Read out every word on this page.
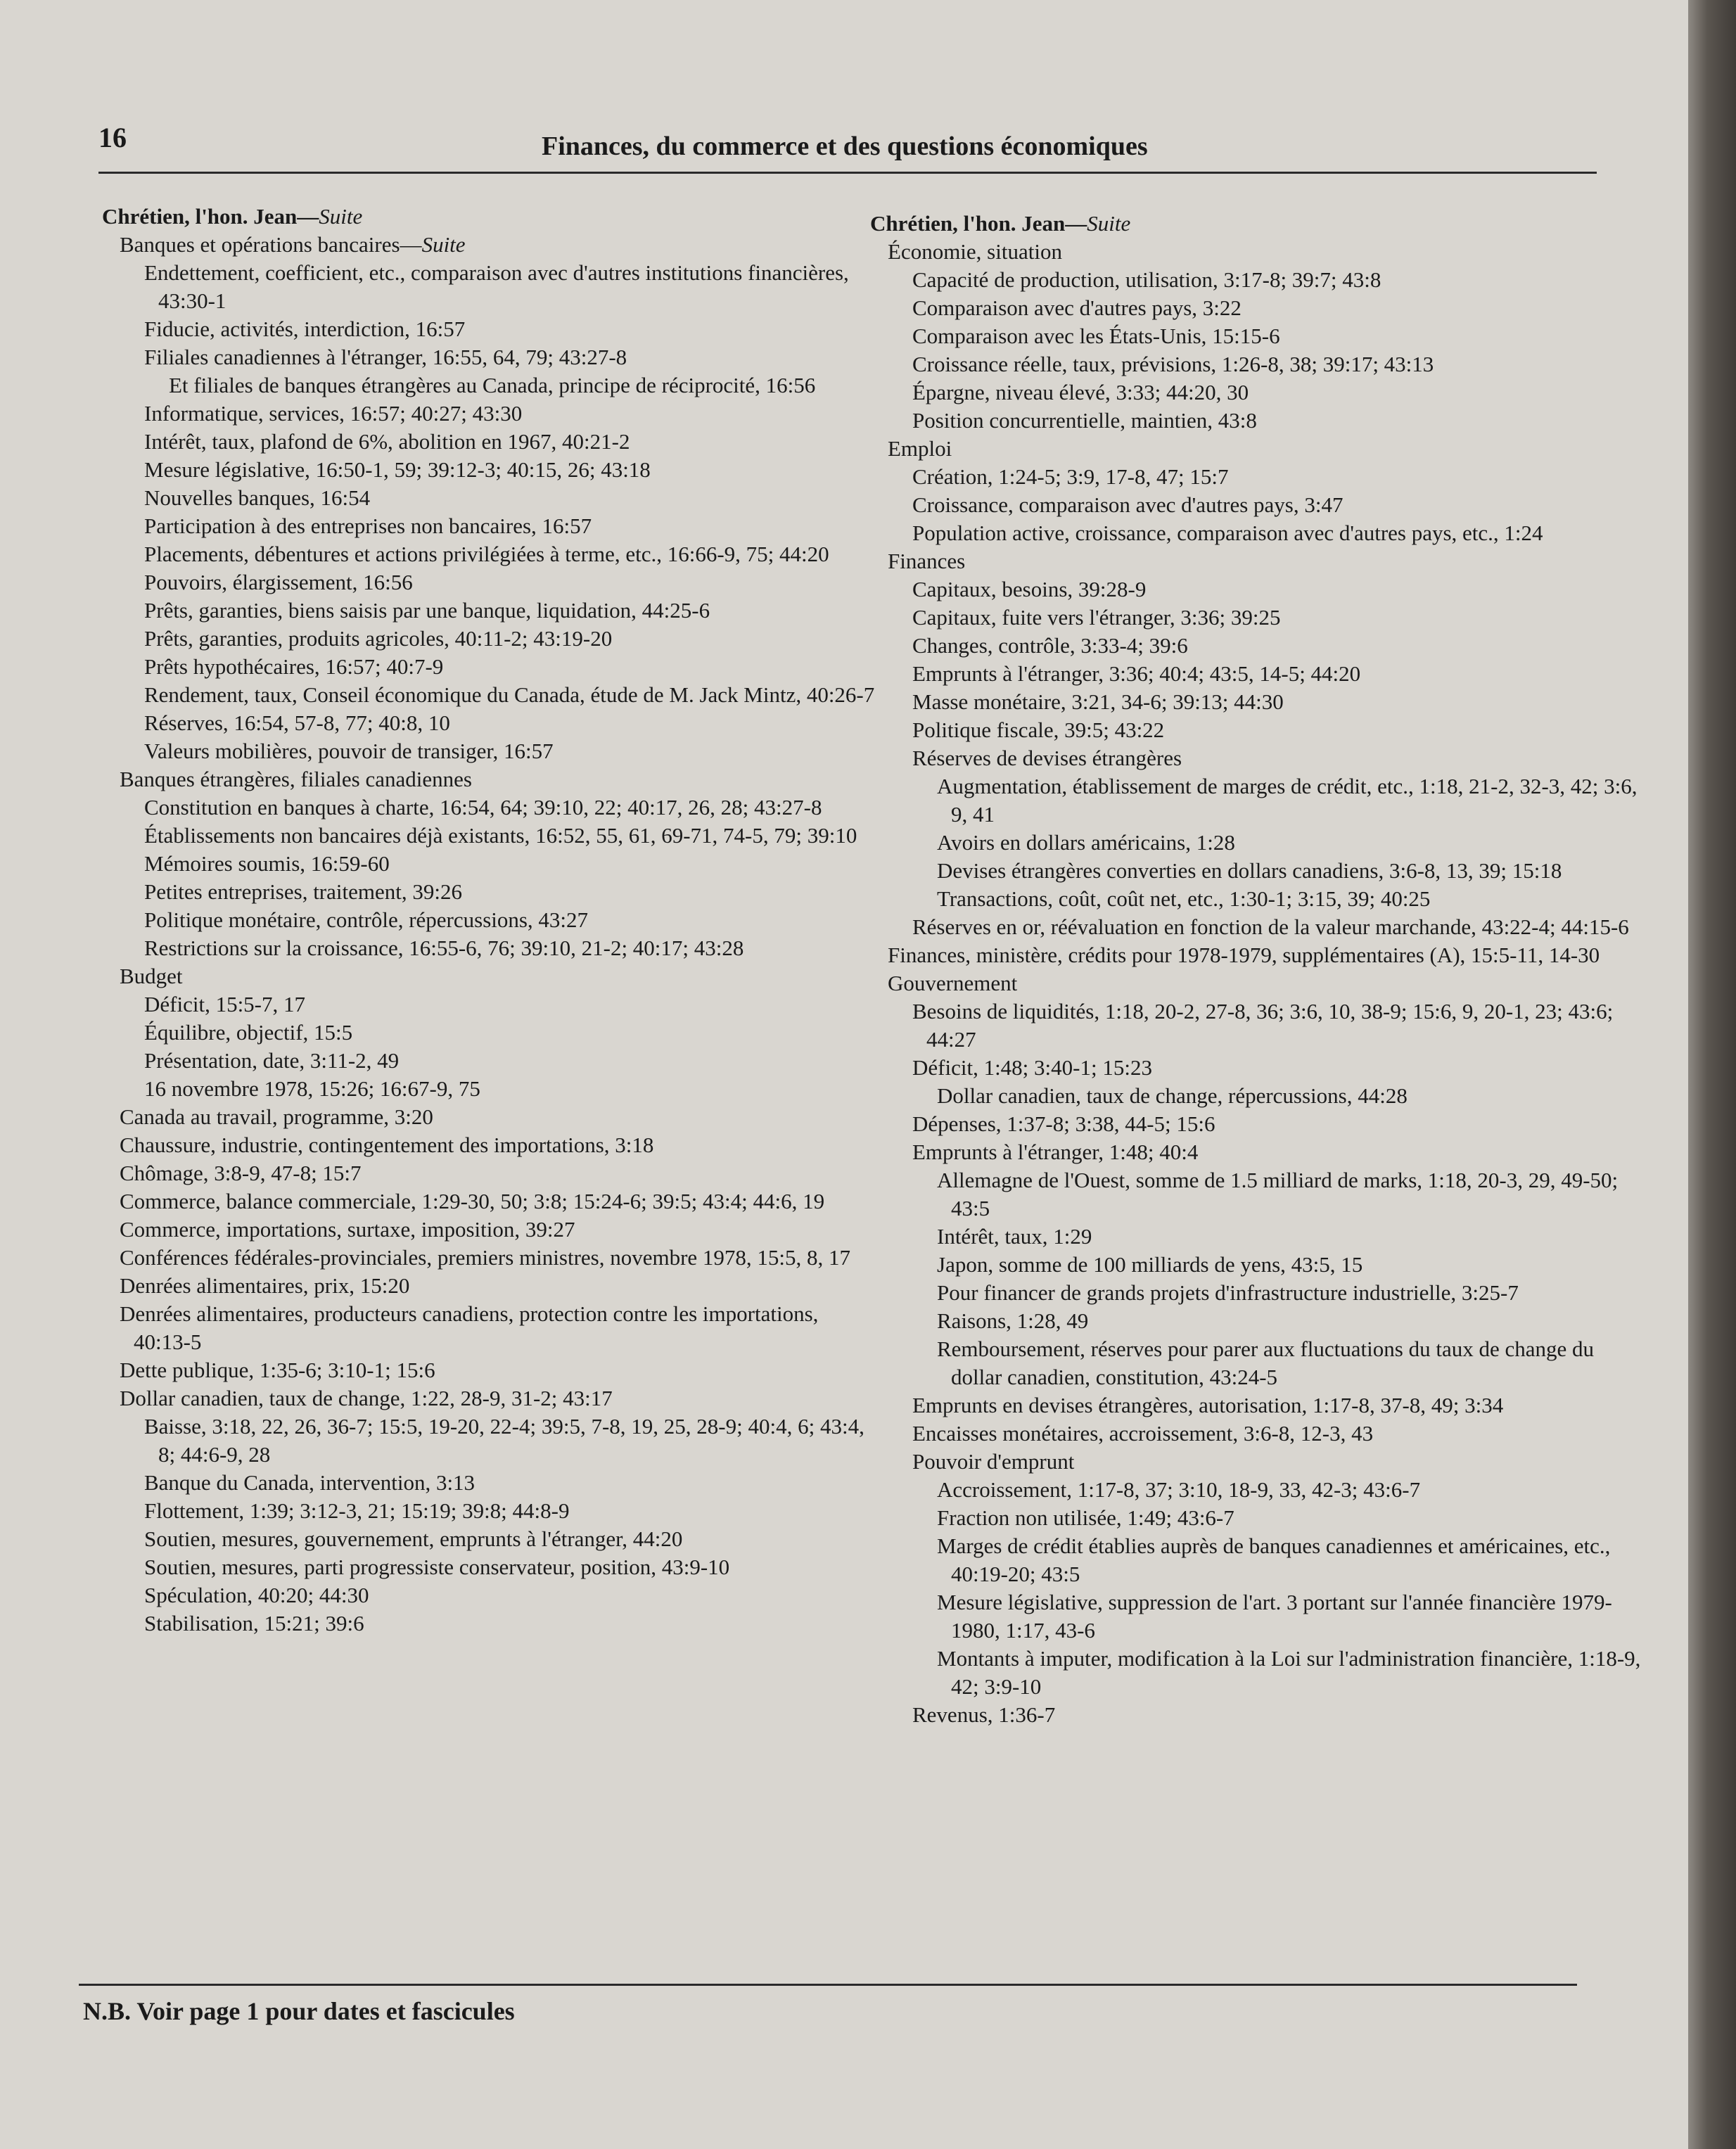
16	Finances, du commerce et des questions économiques

Chrétien, l'hon. Jean—Suite

Banques et opérations bancaires—Suite

Endettement, coefficient, etc., comparaison avec d'autres institutions financières, 43:30-1

Fiducie, activités, interdiction, 16:57

Filiales canadiennes à l'étranger, 16:55, 64, 79; 43:27-8

Et filiales de banques étrangères au Canada, principe de réciprocité, 16:56

Informatique, services, 16:57; 40:27; 43:30

Intérêt, taux, plafond de 6%, abolition en 1967, 40:21-2

Mesure législative, 16:50-1, 59; 39:12-3; 40:15, 26; 43:18

Nouvelles banques, 16:54

Participation à des entreprises non bancaires, 16:57

Placements, débentures et actions privilégiées à terme, etc., 16:66-9, 75; 44:20

Pouvoirs, élargissement, 16:56

Prêts, garanties, biens saisis par une banque, liquidation, 44:25-6

Prêts, garanties, produits agricoles, 40:11-2; 43:19-20

Prêts hypothécaires, 16:57; 40:7-9

Rendement, taux, Conseil économique du Canada, étude de M. Jack Mintz, 40:26-7

Réserves, 16:54, 57-8, 77; 40:8, 10

Valeurs mobilières, pouvoir de transiger, 16:57

Banques étrangères, filiales canadiennes

Constitution en banques à charte, 16:54, 64; 39:10, 22; 40:17, 26, 28; 43:27-8

Établissements non bancaires déjà existants, 16:52, 55, 61, 69-71, 74-5, 79; 39:10

Mémoires soumis, 16:59-60

Petites entreprises, traitement, 39:26

Politique monétaire, contrôle, répercussions, 43:27

Restrictions sur la croissance, 16:55-6, 76; 39:10, 21-2; 40:17; 43:28

Budget

Déficit, 15:5-7, 17

Équilibre, objectif, 15:5

Présentation, date, 3:11-2, 49

16 novembre 1978, 15:26; 16:67-9, 75

Canada au travail, programme, 3:20

Chaussure, industrie, contingentement des importations, 3:18

Chômage, 3:8-9, 47-8; 15:7

Commerce, balance commerciale, 1:29-30, 50; 3:8; 15:24-6; 39:5; 43:4; 44:6, 19

Commerce, importations, surtaxe, imposition, 39:27

Conférences fédérales-provinciales, premiers ministres, novembre 1978, 15:5, 8, 17

Denrées alimentaires, prix, 15:20

Denrées alimentaires, producteurs canadiens, protection contre les importations, 40:13-5

Dette publique, 1:35-6; 3:10-1; 15:6

Dollar canadien, taux de change, 1:22, 28-9, 31-2; 43:17

Baisse, 3:18, 22, 26, 36-7; 15:5, 19-20, 22-4; 39:5, 7-8, 19, 25, 28-9; 40:4, 6; 43:4, 8; 44:6-9, 28

Banque du Canada, intervention, 3:13

Flottement, 1:39; 3:12-3, 21; 15:19; 39:8; 44:8-9

Soutien, mesures, gouvernement, emprunts à l'étranger, 44:20

Soutien, mesures, parti progressiste conservateur, position, 43:9-10

Spéculation, 40:20; 44:30

Stabilisation, 15:21; 39:6

Chrétien, l'hon. Jean—Suite

Économie, situation

Capacité de production, utilisation, 3:17-8; 39:7; 43:8

Comparaison avec d'autres pays, 3:22

Comparaison avec les États-Unis, 15:15-6

Croissance réelle, taux, prévisions, 1:26-8, 38; 39:17; 43:13

Épargne, niveau élevé, 3:33; 44:20, 30

Position concurrentielle, maintien, 43:8

Emploi

Création, 1:24-5; 3:9, 17-8, 47; 15:7

Croissance, comparaison avec d'autres pays, 3:47

Population active, croissance, comparaison avec d'autres pays, etc., 1:24

Finances

Capitaux, besoins, 39:28-9

Capitaux, fuite vers l'étranger, 3:36; 39:25

Changes, contrôle, 3:33-4; 39:6

Emprunts à l'étranger, 3:36; 40:4; 43:5, 14-5; 44:20

Masse monétaire, 3:21, 34-6; 39:13; 44:30

Politique fiscale, 39:5; 43:22

Réserves de devises étrangères

Augmentation, établissement de marges de crédit, etc., 1:18, 21-2, 32-3, 42; 3:6, 9, 41

Avoirs en dollars américains, 1:28

Devises étrangères converties en dollars canadiens, 3:6-8, 13, 39; 15:18

Transactions, coût, coût net, etc., 1:30-1; 3:15, 39; 40:25

Réserves en or, réévaluation en fonction de la valeur marchande, 43:22-4; 44:15-6

Finances, ministère, crédits pour 1978-1979, supplémentaires (A), 15:5-11, 14-30

Gouvernement

Besoins de liquidités, 1:18, 20-2, 27-8, 36; 3:6, 10, 38-9; 15:6, 9, 20-1, 23; 43:6; 44:27

Déficit, 1:48; 3:40-1; 15:23

Dollar canadien, taux de change, répercussions, 44:28

Dépenses, 1:37-8; 3:38, 44-5; 15:6

Emprunts à l'étranger, 1:48; 40:4

Allemagne de l'Ouest, somme de 1.5 milliard de marks, 1:18, 20-3, 29, 49-50; 43:5

Intérêt, taux, 1:29

Japon, somme de 100 milliards de yens, 43:5, 15

Pour financer de grands projets d'infrastructure industrielle, 3:25-7

Raisons, 1:28, 49

Remboursement, réserves pour parer aux fluctuations du taux de change du dollar canadien, constitution, 43:24-5

Emprunts en devises étrangères, autorisation, 1:17-8, 37-8, 49; 3:34

Encaisses monétaires, accroissement, 3:6-8, 12-3, 43

Pouvoir d'emprunt

Accroissement, 1:17-8, 37; 3:10, 18-9, 33, 42-3; 43:6-7

Fraction non utilisée, 1:49; 43:6-7

Marges de crédit établies auprès de banques canadiennes et américaines, etc., 40:19-20; 43:5

Mesure législative, suppression de l'art. 3 portant sur l'année financière 1979-1980, 1:17, 43-6

Montants à imputer, modification à la Loi sur l'administration financière, 1:18-9, 42; 3:9-10

Revenus, 1:36-7

N.B. Voir page 1 pour dates et fascicules
